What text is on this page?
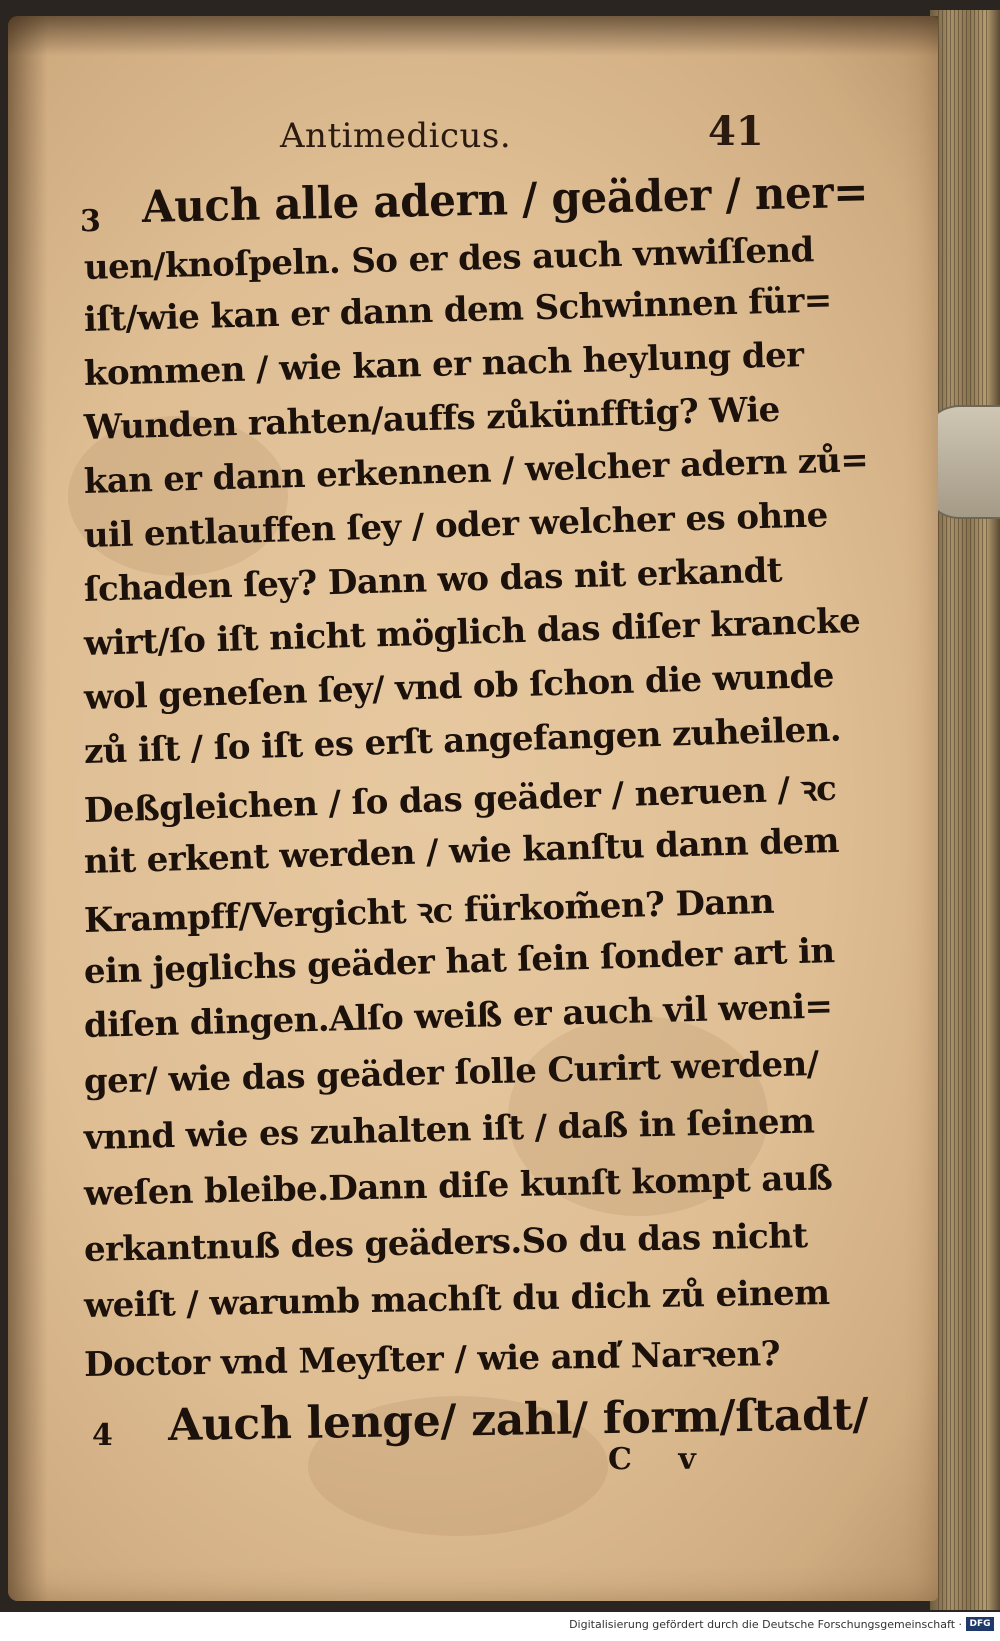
Antimedicus.	41
3 Auch alle adern / geäder / ner=
uen/knoſpeln. So er des auch vnwiſſend
iſt/wie kan er dann dem Schwinnen für=
kommen / wie kan er nach heylung der
Wunden rahten/auffs zůkünfftig? Wie
kan er dann erkennen / welcher adern zů=
uil entlauffen ſey / oder welcher es ohne
ſchaden ſey? Dann wo das nit erkandt
wirt/ſo iſt nicht möglich das diſer krancke
wol geneſen ſey/ vnd ob ſchon die wunde
zů iſt / ſo iſt es erſt angefangen zuheilen.
Deßgleichen / ſo das geäder / neruen / ꝛc
nit erkent werden / wie kanſtu dann dem
Krampff/Vergicht ꝛc fürkom̃en? Dann
ein jeglichs geäder hat ſein ſonder art in
diſen dingen.Alſo weiß er auch vil weni=
ger/ wie das geäder ſolle Curirt werden/
vnnd wie es zuhalten iſt / daß in ſeinem
weſen bleibe.Dann diſe kunſt kompt auß
erkantnuß des geäders.So du das nicht
weiſt / warumb machſt du dich zů einem
Doctor vnd Meyſter / wie and̕ Narꝛen?
4 Auch lenge/ zahl/ form/ſtadt/
C v
Digitalisierung gefördert durch die Deutsche Forschungsgemeinschaft · DFG
